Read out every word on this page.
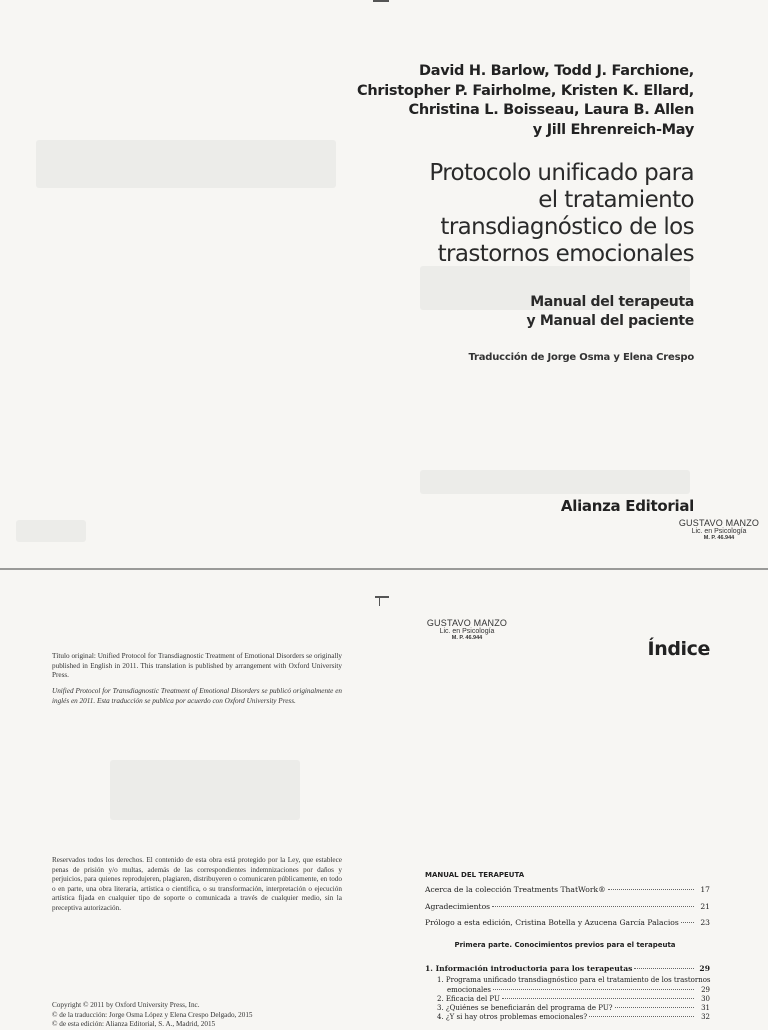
David H. Barlow, Todd J. Farchione,
Christopher P. Fairholme, Kristen K. Ellard,
Christina L. Boisseau, Laura B. Allen
y Jill Ehrenreich-May
Protocolo unificado para
el tratamiento
transdiagnóstico de los
trastornos emocionales
Manual del terapeuta
y Manual del paciente
Traducción de Jorge Osma y Elena Crespo
Alianza Editorial
GUSTAVO MANZO
Lic. en Psicología
M. P. 46.944
Título original: Unified Protocol for Transdiagnostic Treatment of Emotional Disorders se originally published in English in 2011. This translation is published by arrangement with Oxford University Press.
Unified Protocol for Transdiagnostic Treatment of Emotional Disorders se publicó originalmente en inglés en 2011. Esta traducción se publica por acuerdo con Oxford University Press.
Reservados todos los derechos. El contenido de esta obra está protegido por la Ley, que establece penas de prisión y/o multas, además de las correspondientes indemnizaciones por daños y perjuicios, para quienes reprodujeren, plagiaren, distribuyeren o comunicaren públicamente, en todo o en parte, una obra literaria, artística o científica, o su transformación, interpretación o ejecución artística fijada en cualquier tipo de soporte o comunicada a través de cualquier medio, sin la preceptiva autorización.
Copyright © 2011 by Oxford University Press, Inc.
© de la traducción: Jorge Osma López y Elena Crespo Delgado, 2015
© de esta edición: Alianza Editorial, S. A., Madrid, 2015
GUSTAVO MANZO
Lic. en Psicología
M. P. 46.944	Índice
MANUAL DEL TERAPEUTA
Acerca de la colección Treatments ThatWork®	17
Agradecimientos	21
Prólogo a esta edición, Cristina Botella y Azucena García Palacios	23
Primera parte. Conocimientos previos para el terapeuta
1. Información introductoria para los terapeutas	29
1. Programa unificado transdiagnóstico para el tratamiento de los trastornos
emocionales	29
2. Eficacia del PU	30
3. ¿Quiénes se beneficiarán del programa de PU?	31
4. ¿Y si hay otros problemas emocionales?	32
